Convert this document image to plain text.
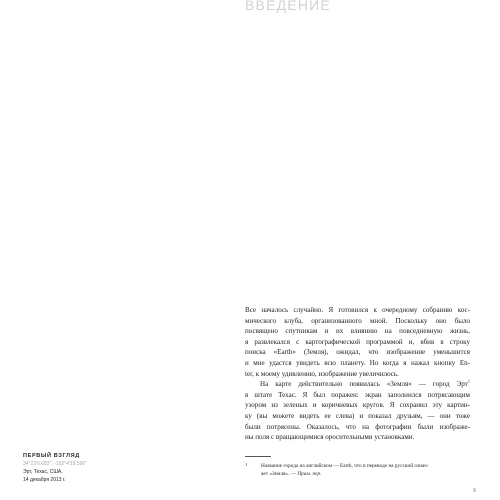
ВВЕДЕНИЕ
Все началось случайно. Я готовился к очередному собранию кос-
мического клуба, организованного мной. Поскольку оно было
посвящено спутникам и их влиянию на повседневную жизнь,
я развлекался с картографической программой и, вбив в строку
поиска «Earth» (Земля), ожидал, что изображение уменьшится
и мне удастся увидеть всю планету. Но когда я нажал кнопку En-
ter, к моему удивлению, изображение увеличилось.
На карте действительно появилась «Земля» — город Эрт$^1$
в штате Техас. Я был поражен: экран заполнился потрясающим
узором из зеленых и коричневых кругов. Я сохранил эту картин-
ку (вы можете видеть ее слева) и показал друзьям, — они тоже
были потрясены. Оказалось, что на фотографии были изображе-
ны поля с вращающимися оросительными установками.
1	Название города на английском — Earth, что в переводе на русский означ-
ает «Земля». — Прим. пер.
ПЕРВЫЙ ВЗГЛЯД
34°23'6.683", -102°4'19.596"
Эрт, Техас, США,
14 декабря 2013 г.
9
